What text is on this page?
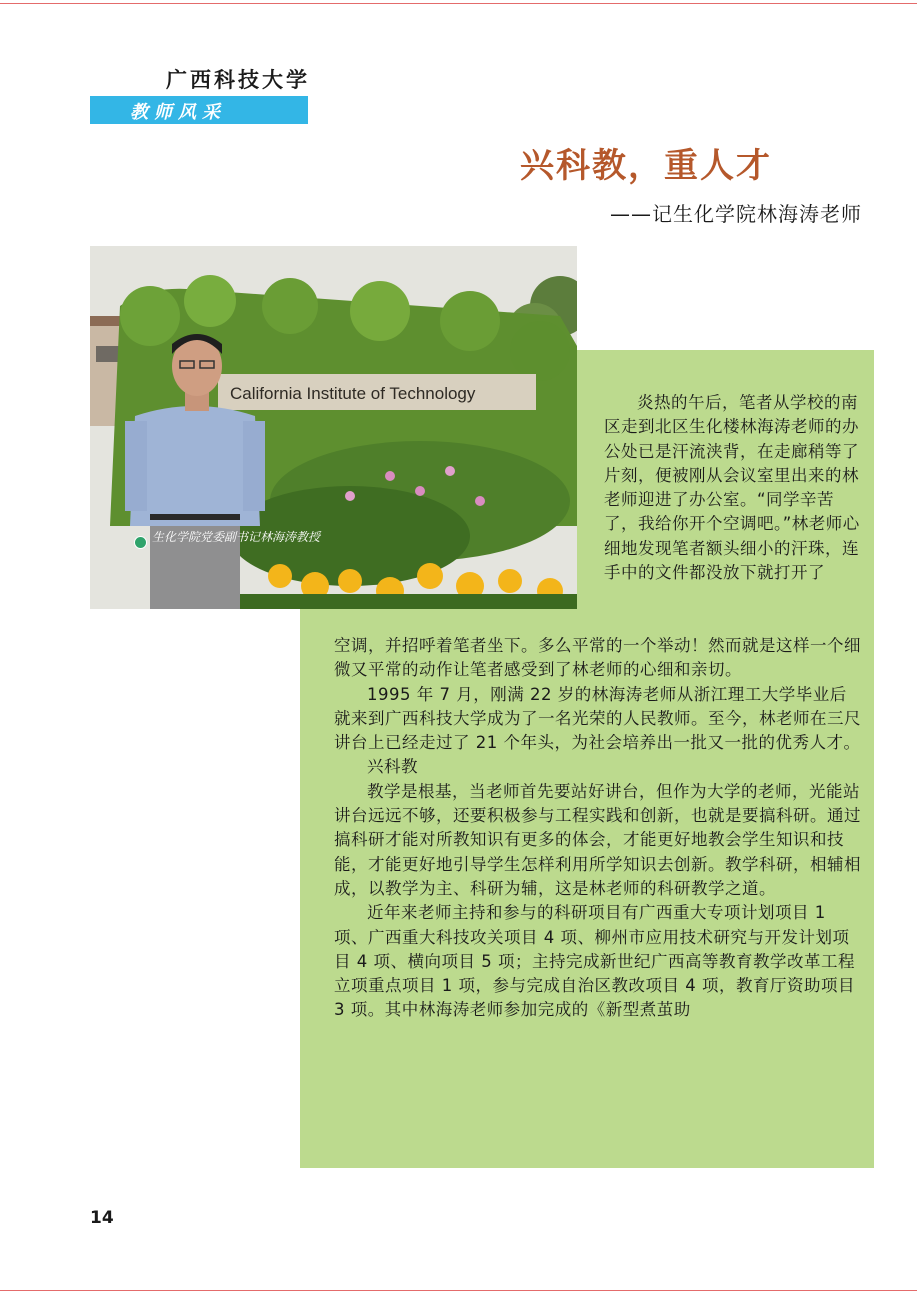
广西科技大学
教师风采
兴科教，重人才
——记生化学院林海涛老师
California Institute of Technology
生化学院党委副书记林海涛教授

炎热的午后，笔者从学校的南区走到北区生化楼林海涛老师的办公处已是汗流浃背，在走廊稍等了片刻，便被刚从会议室里出来的林老师迎进了办公室。“同学辛苦了，我给你开个空调吧。”林老师心细地发现笔者额头细小的汗珠，连手中的文件都没放下就打开了

空调，并招呼着笔者坐下。多么平常的一个举动！然而就是这样一个细微又平常的动作让笔者感受到了林老师的心细和亲切。

1995 年 7 月，刚满 22 岁的林海涛老师从浙江理工大学毕业后就来到广西科技大学成为了一名光荣的人民教师。至今，林老师在三尺讲台上已经走过了 21 个年头，为社会培养出一批又一批的优秀人才。

兴科教

教学是根基，当老师首先要站好讲台，但作为大学的老师，光能站讲台远远不够，还要积极参与工程实践和创新，也就是要搞科研。通过搞科研才能对所教知识有更多的体会，才能更好地教会学生知识和技能，才能更好地引导学生怎样利用所学知识去创新。教学科研，相辅相成，以教学为主、科研为辅，这是林老师的科研教学之道。

近年来老师主持和参与的科研项目有广西重大专项计划项目 1 项、广西重大科技攻关项目 4 项、柳州市应用技术研究与开发计划项目 4 项、横向项目 5 项；主持完成新世纪广西高等教育教学改革工程立项重点项目 1 项，参与完成自治区教改项目 4 项，教育厅资助项目 3 项。其中林海涛老师参加完成的《新型煮茧助

14
